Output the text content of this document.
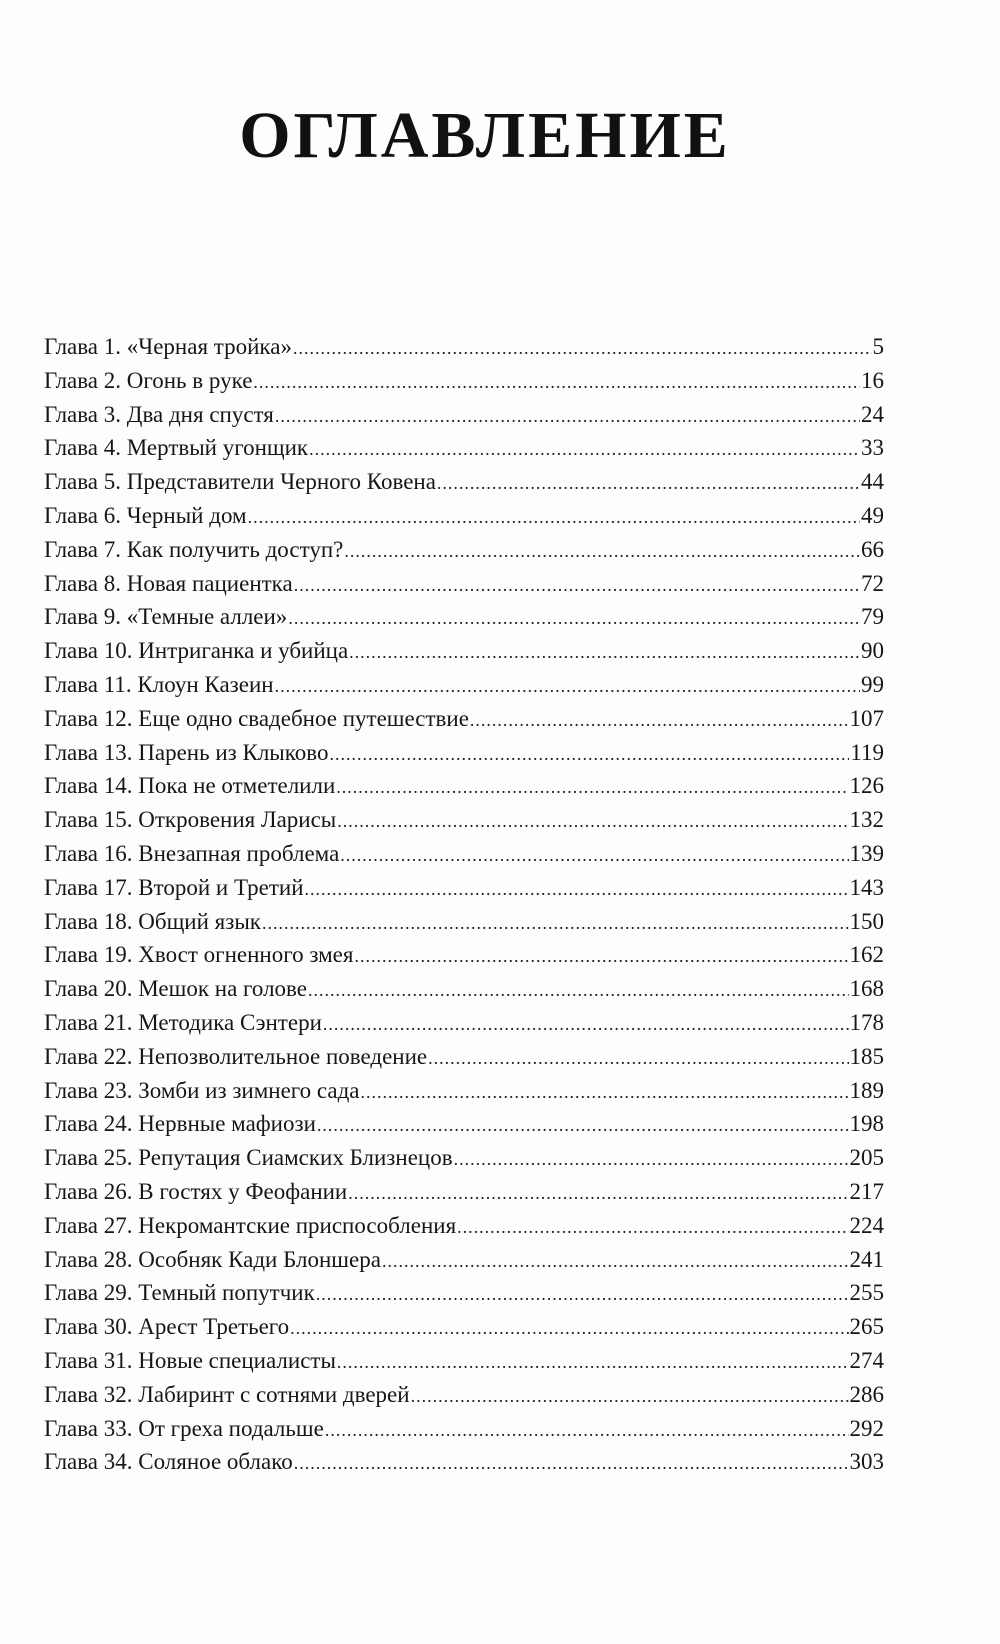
ОГЛАВЛЕНИЕ
Глава 1. «Черная тройка» .....	5
Глава 2. Огонь в руке .....	16
Глава 3. Два дня спустя .....	24
Глава 4. Мертвый угонщик .....	33
Глава 5. Представители Черного Ковена .....	44
Глава 6. Черный дом .....	49
Глава 7. Как получить доступ? .....	66
Глава 8. Новая пациентка .....	72
Глава 9. «Темные аллеи» .....	79
Глава 10. Интриганка и убийца .....	90
Глава 11. Клоун Казеин .....	99
Глава 12. Еще одно свадебное путешествие .....	107
Глава 13. Парень из Клыково .....	119
Глава 14. Пока не отметелили .....	126
Глава 15. Откровения Ларисы .....	132
Глава 16. Внезапная проблема .....	139
Глава 17. Второй и Третий .....	143
Глава 18. Общий язык .....	150
Глава 19. Хвост огненного змея .....	162
Глава 20. Мешок на голове .....	168
Глава 21. Методика Сэнтери .....	178
Глава 22. Непозволительное поведение .....	185
Глава 23. Зомби из зимнего сада .....	189
Глава 24. Нервные мафиози .....	198
Глава 25. Репутация Сиамских Близнецов .....	205
Глава 26. В гостях у Феофании .....	217
Глава 27. Некромантские приспособления .....	224
Глава 28. Особняк Кади Блоншера .....	241
Глава 29. Темный попутчик .....	255
Глава 30. Арест Третьего .....	265
Глава 31. Новые специалисты .....	274
Глава 32. Лабиринт с сотнями дверей .....	286
Глава 33. От греха подальше .....	292
Глава 34. Соляное облако .....	303
